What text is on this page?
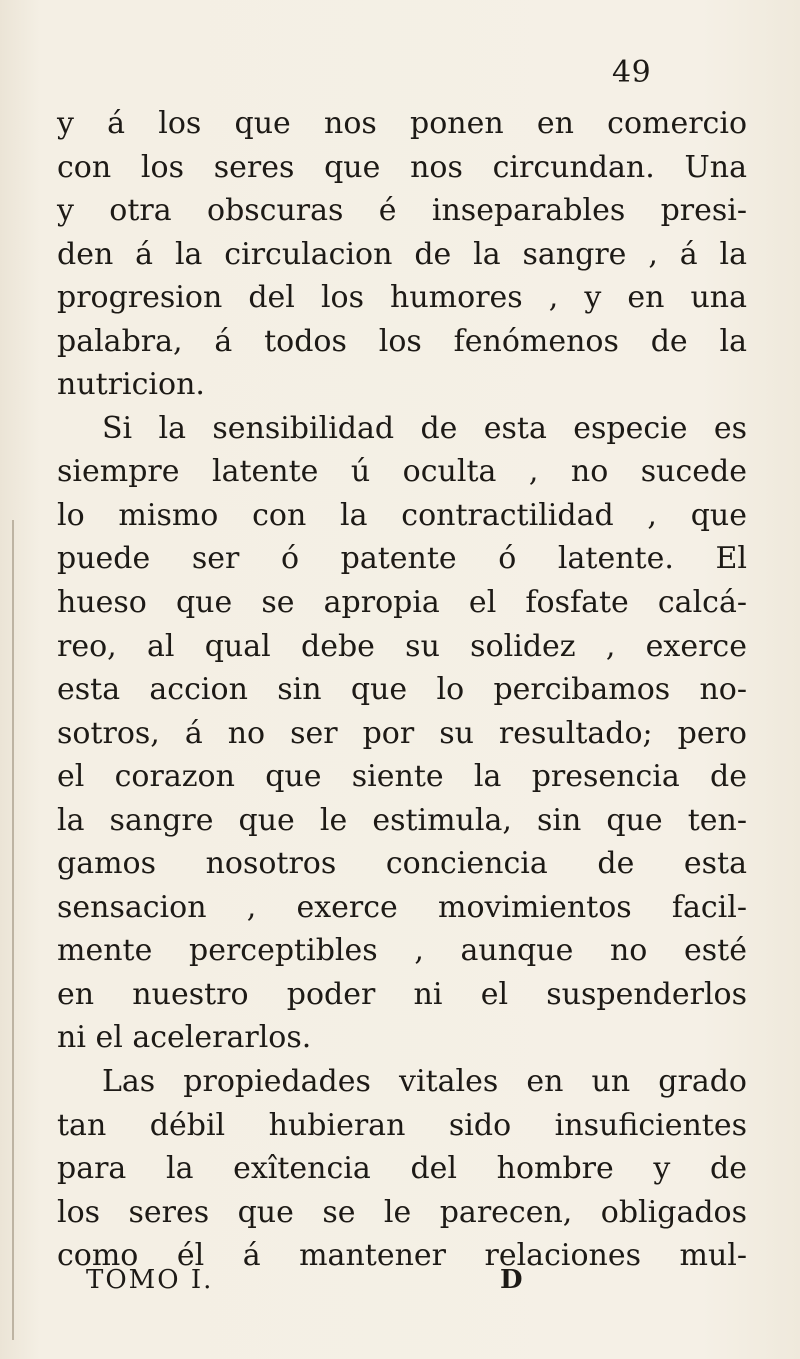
49
y á los que nos ponen en comercio
con los seres que nos circundan. Una
y otra obscuras é inseparables presi-
den á la circulacion de la sangre , á la
progresion del los humores , y en una
palabra, á todos los fenómenos de la
nutricion.
Si la sensibilidad de esta especie es
siempre latente ú oculta , no sucede
lo mismo con la contractilidad , que
puede ser ó patente ó latente. El
hueso que se apropia el fosfate calcá-
reo, al qual debe su solidez , exerce
esta accion sin que lo percibamos no-
sotros, á no ser por su resultado; pero
el corazon que siente la presencia de
la sangre que le estimula, sin que ten-
gamos nosotros conciencia de esta
sensacion , exerce movimientos facil-
mente perceptibles , aunque no esté
en nuestro poder ni el suspenderlos
ni el acelerarlos.
Las propiedades vitales en un grado
tan débil hubieran sido insuficientes
para la exîtencia del hombre y de
los seres que se le parecen, obligados
como él á mantener relaciones mul-
TOMO I.	D
